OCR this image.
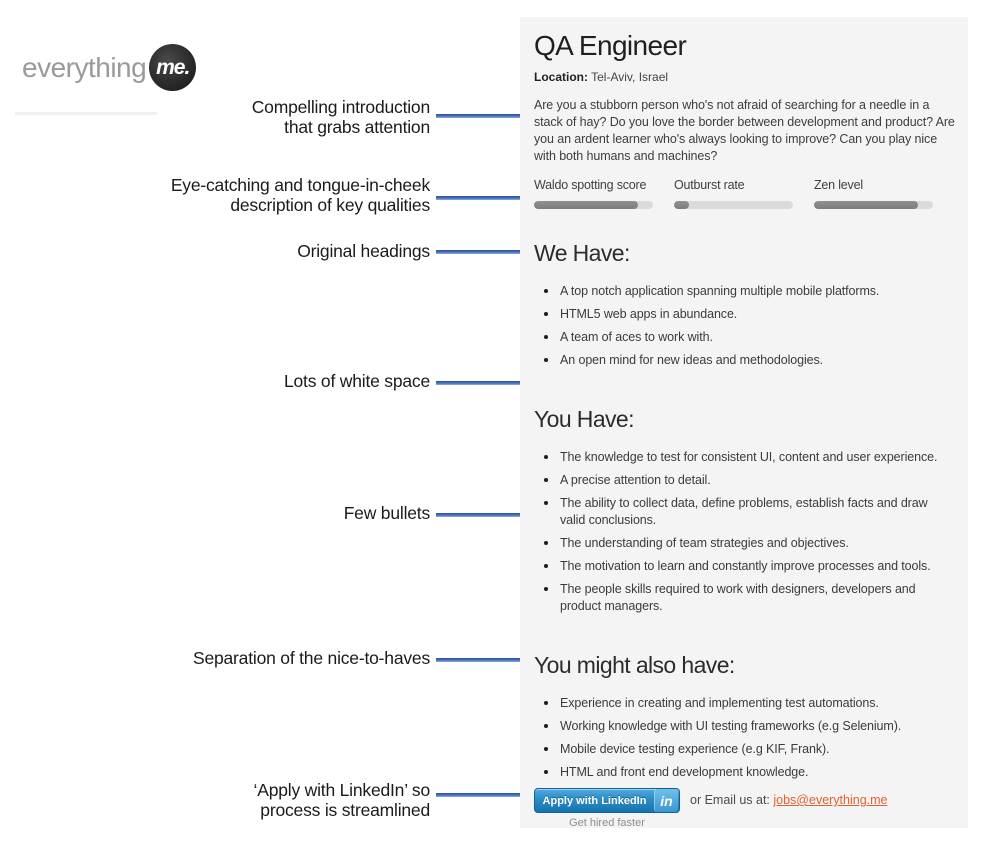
everything me.
Compelling introduction
that grabs attention
Eye-catching and tongue-in-cheek
description of key qualities
Original headings
Lots of white space
Few bullets
Separation of the nice-to-haves
‘Apply with LinkedIn’ so
process is streamlined
QA Engineer
Location: Tel-Aviv, Israel
Are you a stubborn person who's not afraid of searching for a needle in a stack of hay? Do you love the border between development and product? Are you an ardent learner who's always looking to improve? Can you play nice with both humans and machines?
Waldo spotting score	Outburst rate	Zen level
We Have:
A top notch application spanning multiple mobile platforms.
HTML5 web apps in abundance.
A team of aces to work with.
An open mind for new ideas and methodologies.
You Have:
The knowledge to test for consistent UI, content and user experience.
A precise attention to detail.
The ability to collect data, define problems, establish facts and draw valid conclusions.
The understanding of team strategies and objectives.
The motivation to learn and constantly improve processes and tools.
The people skills required to work with designers, developers and product managers.
You might also have:
Experience in creating and implementing test automations.
Working knowledge with UI testing frameworks (e.g Selenium).
Mobile device testing experience (e.g KIF, Frank).
HTML and front end development knowledge.
Apply with LinkedIn in
Get hired faster
or Email us at: jobs@everything.me
